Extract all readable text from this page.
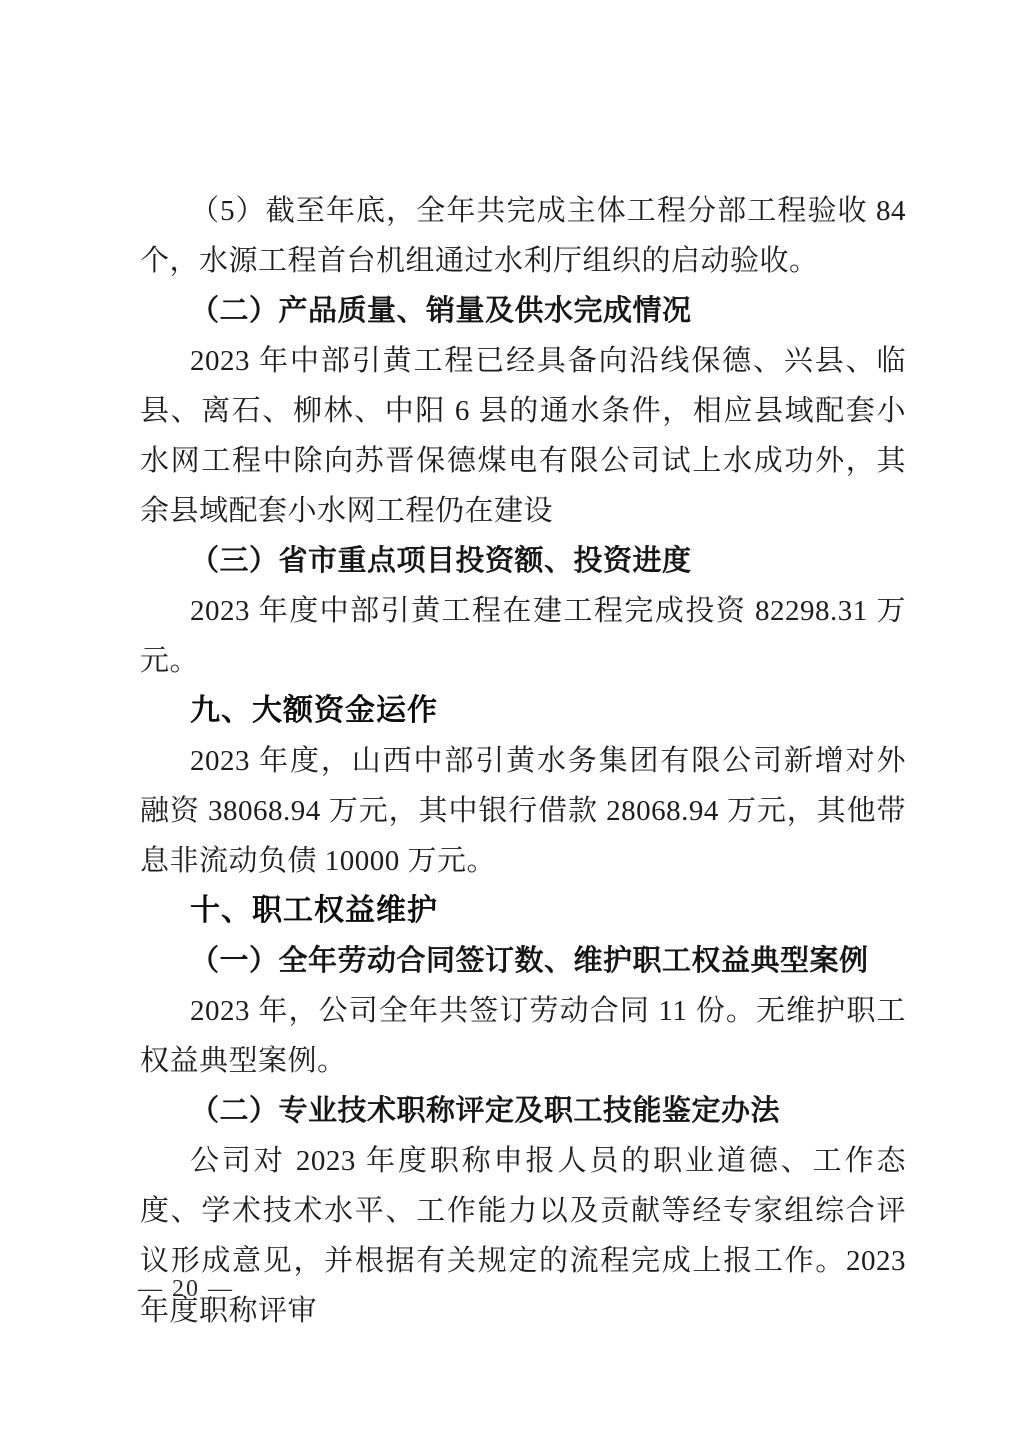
（5）截至年底，全年共完成主体工程分部工程验收 84 个，水源工程首台机组通过水利厅组织的启动验收。

（二）产品质量、销量及供水完成情况

2023 年中部引黄工程已经具备向沿线保德、兴县、临县、离石、柳林、中阳 6 县的通水条件，相应县域配套小水网工程中除向苏晋保德煤电有限公司试上水成功外，其余县域配套小水网工程仍在建设

（三）省市重点项目投资额、投资进度

2023 年度中部引黄工程在建工程完成投资 82298.31 万元。

九、大额资金运作

2023 年度，山西中部引黄水务集团有限公司新增对外融资 38068.94 万元，其中银行借款 28068.94 万元，其他带息非流动负债 10000 万元。

十、职工权益维护

（一）全年劳动合同签订数、维护职工权益典型案例

2023 年，公司全年共签订劳动合同 11 份。无维护职工权益典型案例。

（二）专业技术职称评定及职工技能鉴定办法

公司对 2023 年度职称申报人员的职业道德、工作态度、学术技术水平、工作能力以及贡献等经专家组综合评议形成意见，并根据有关规定的流程完成上报工作。2023 年度职称评审

— 20 —
